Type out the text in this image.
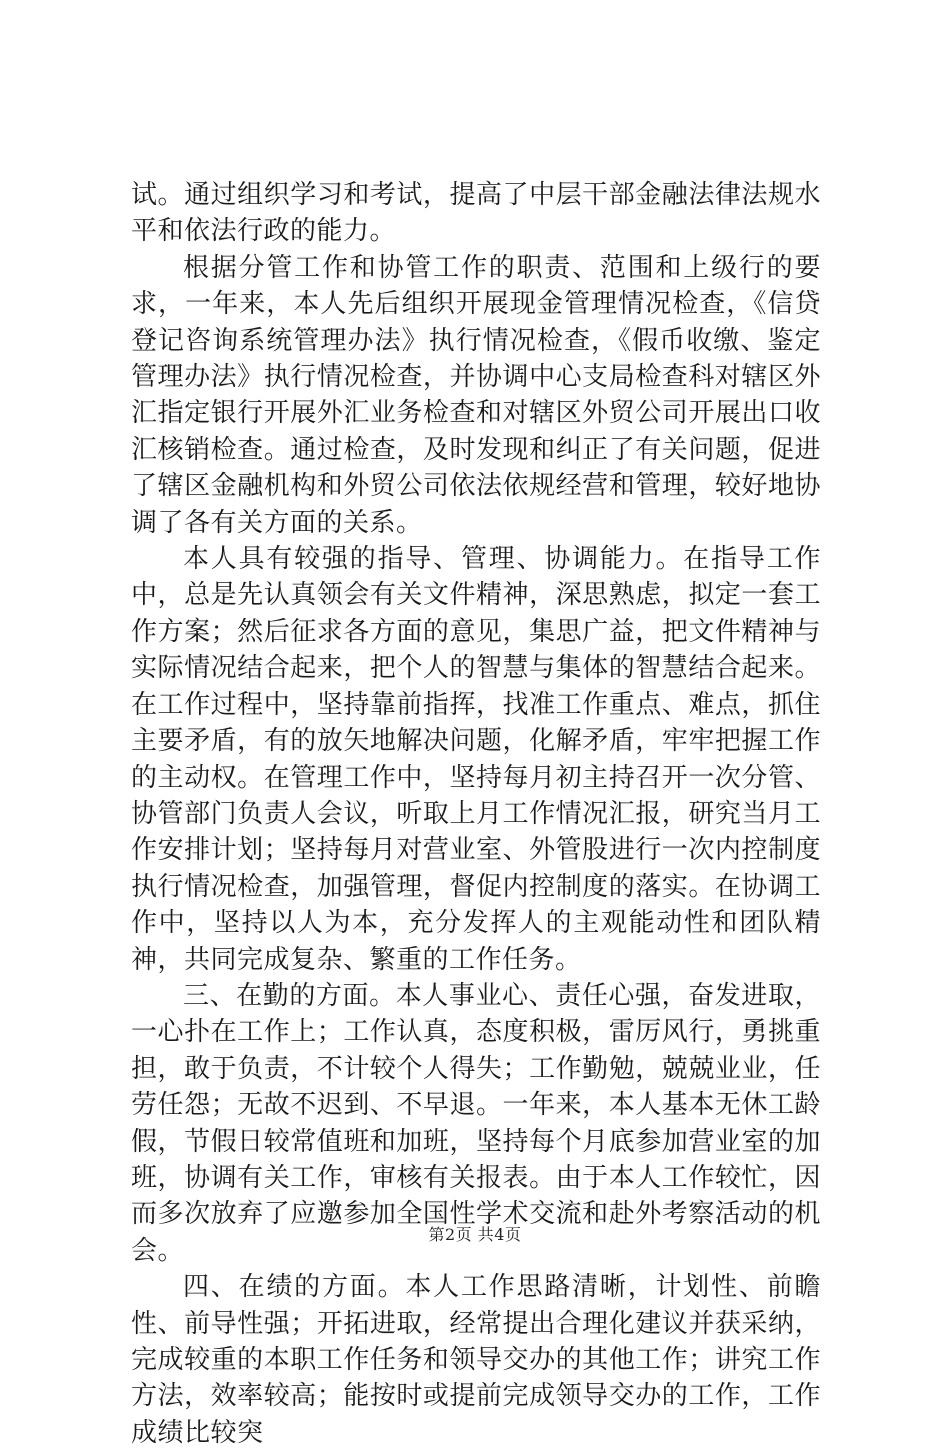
试。通过组织学习和考试，提高了中层干部金融法律法规水平和依法行政的能力。

根据分管工作和协管工作的职责、范围和上级行的要求，一年来，本人先后组织开展现金管理情况检查，《信贷登记咨询系统管理办法》执行情况检查，《假币收缴、鉴定管理办法》执行情况检查，并协调中心支局检查科对辖区外汇指定银行开展外汇业务检查和对辖区外贸公司开展出口收汇核销检查。通过检查，及时发现和纠正了有关问题，促进了辖区金融机构和外贸公司依法依规经营和管理，较好地协调了各有关方面的关系。

本人具有较强的指导、管理、协调能力。在指导工作中，总是先认真领会有关文件精神，深思熟虑，拟定一套工作方案；然后征求各方面的意见，集思广益，把文件精神与实际情况结合起来，把个人的智慧与集体的智慧结合起来。在工作过程中，坚持靠前指挥，找准工作重点、难点，抓住主要矛盾，有的放矢地解决问题，化解矛盾，牢牢把握工作的主动权。在管理工作中，坚持每月初主持召开一次分管、协管部门负责人会议，听取上月工作情况汇报，研究当月工作安排计划；坚持每月对营业室、外管股进行一次内控制度执行情况检查，加强管理，督促内控制度的落实。在协调工作中，坚持以人为本，充分发挥人的主观能动性和团队精神，共同完成复杂、繁重的工作任务。

三、在勤的方面。本人事业心、责任心强，奋发进取，一心扑在工作上；工作认真，态度积极，雷厉风行，勇挑重担，敢于负责，不计较个人得失；工作勤勉，兢兢业业，任劳任怨；无故不迟到、不早退。一年来，本人基本无休工龄假，节假日较常值班和加班，坚持每个月底参加营业室的加班，协调有关工作，审核有关报表。由于本人工作较忙，因而多次放弃了应邀参加全国性学术交流和赴外考察活动的机会。

四、在绩的方面。本人工作思路清晰，计划性、前瞻性、前导性强；开拓进取，经常提出合理化建议并获采纳，完成较重的本职工作任务和领导交办的其他工作；讲究工作方法，效率较高；能按时或提前完成领导交办的工作，工作成绩比较突

第2页 共4页
